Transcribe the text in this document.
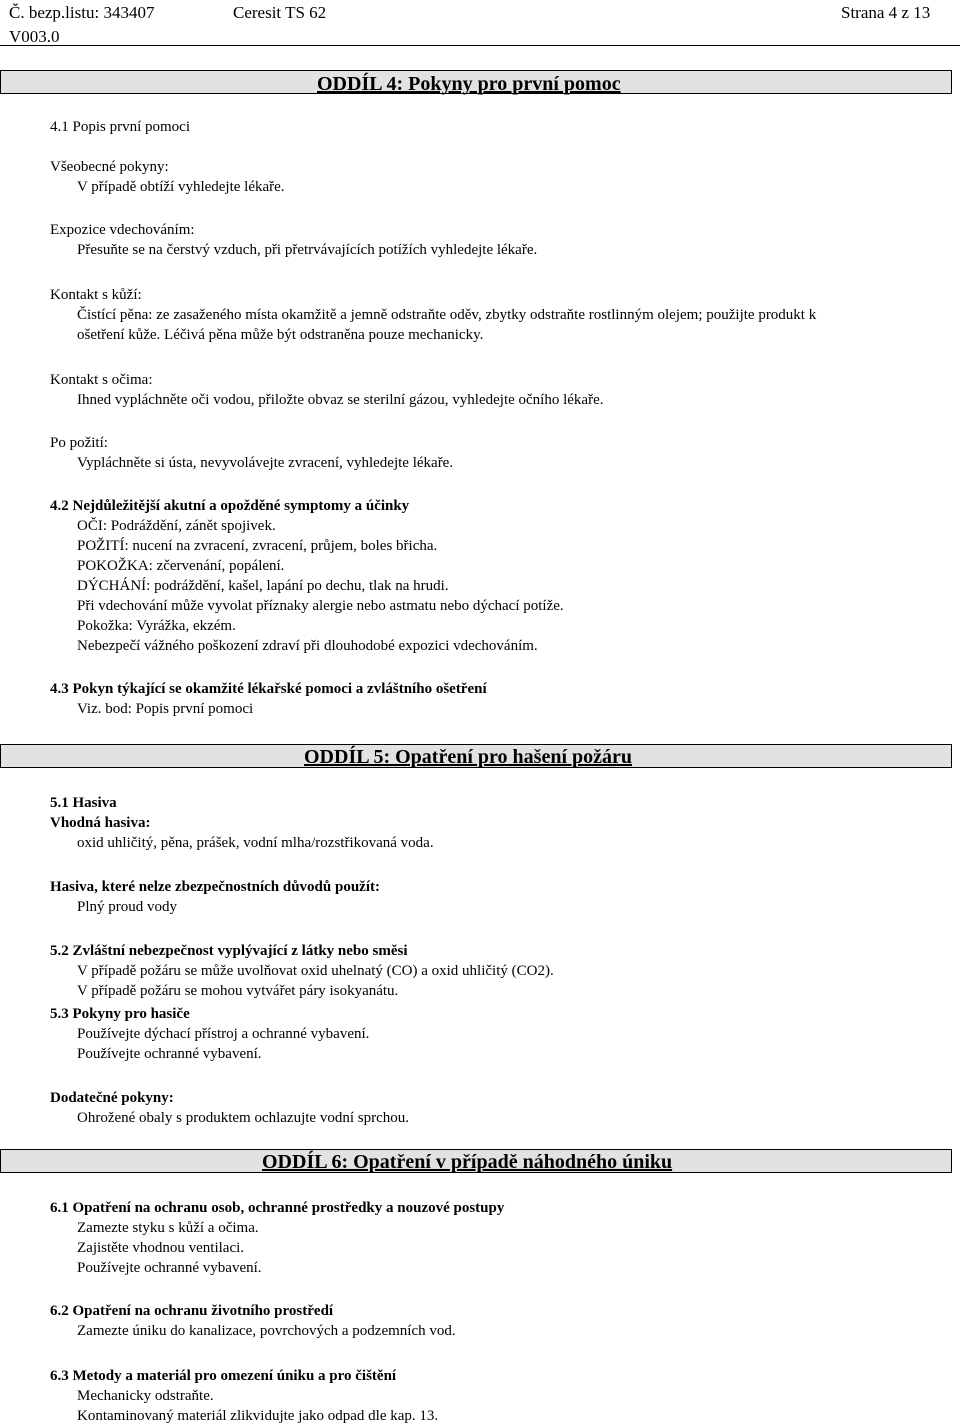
Č. bezp.listu: 343407
V003.0
Ceresit TS 62	Strana 4 z 13
ODDÍL 4: Pokyny pro první pomoc
4.1 Popis první pomoci
Všeobecné pokyny:
V případě obtíží vyhledejte lékaře.
Expozice vdechováním:
Přesuňte se na čerstvý vzduch, při přetrvávajících potížích vyhledejte lékaře.
Kontakt s kůží:
Čistící pěna: ze zasaženého místa okamžitě a jemně odstraňte oděv, zbytky odstraňte rostlinným olejem; použijte produkt k
ošetření kůže. Léčivá pěna může být odstraněna pouze mechanicky.
Kontakt s očima:
Ihned vypláchněte oči vodou, přiložte obvaz se sterilní gázou, vyhledejte očního lékaře.
Po požití:
Vypláchněte si ústa, nevyvolávejte zvracení, vyhledejte lékaře.
4.2 Nejdůležitější akutní a opožděné symptomy a účinky
OČI: Podráždění, zánět spojivek.
POŽITÍ: nucení na zvracení, zvracení, průjem, boles břicha.
POKOŽKA: zčervenání, popálení.
DÝCHÁNÍ: podráždění, kašel, lapání po dechu, tlak na hrudi.
Při vdechování může vyvolat příznaky alergie nebo astmatu nebo dýchací potíže.
Pokožka: Vyrážka, ekzém.
Nebezpečí vážného poškození zdraví při dlouhodobé expozici vdechováním.
4.3 Pokyn týkající se okamžité lékařské pomoci a zvláštního ošetření
Viz. bod: Popis první pomoci
ODDÍL 5: Opatření pro hašení požáru
5.1 Hasiva
Vhodná hasiva:
oxid uhličitý, pěna, prášek, vodní mlha/rozstřikovaná voda.
Hasiva, které nelze zbezpečnostních důvodů použít:
Plný proud vody
5.2 Zvláštní nebezpečnost vyplývající z látky nebo směsi
V případě požáru se může uvolňovat oxid uhelnatý (CO) a oxid uhličitý (CO2).
V případě požáru se mohou vytvářet páry isokyanátu.
5.3 Pokyny pro hasiče
Používejte dýchací přístroj a ochranné vybavení.
Používejte ochranné vybavení.
Dodatečné pokyny:
Ohrožené obaly s produktem ochlazujte vodní sprchou.
ODDÍL 6: Opatření v případě náhodného úniku
6.1 Opatření na ochranu osob, ochranné prostředky a nouzové postupy
Zamezte styku s kůží a očima.
Zajistěte vhodnou ventilaci.
Používejte ochranné vybavení.
6.2 Opatření na ochranu životního prostředí
Zamezte úniku do kanalizace, povrchových a podzemních vod.
6.3 Metody a materiál pro omezení úniku a pro čištění
Mechanicky odstraňte.
Kontaminovaný materiál zlikvidujte jako odpad dle kap. 13.
